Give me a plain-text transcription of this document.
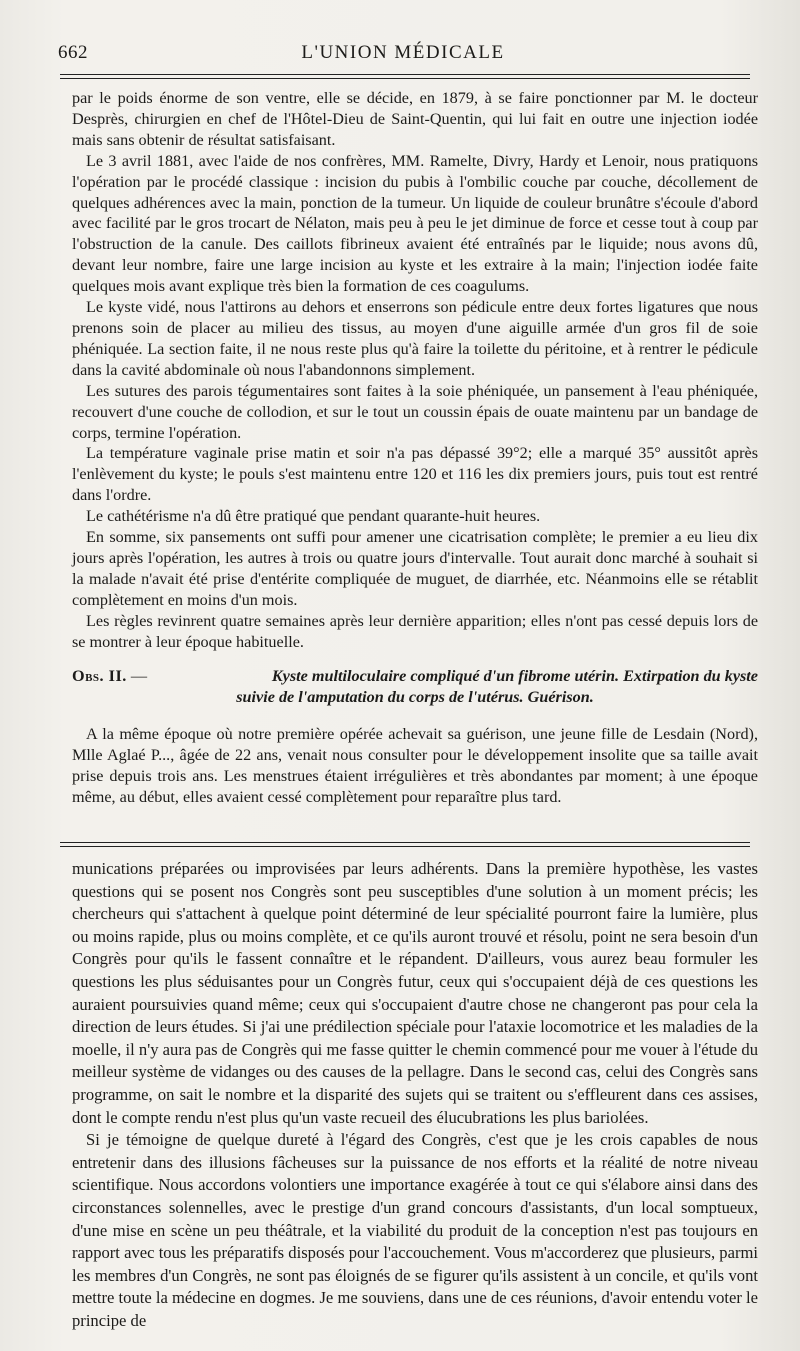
662	L'UNION MÉDICALE

par le poids énorme de son ventre, elle se décide, en 1879, à se faire ponctionner par M. le docteur Desprès, chirurgien en chef de l'Hôtel-Dieu de Saint-Quentin, qui lui fait en outre une injection iodée mais sans obtenir de résultat satisfaisant.

Le 3 avril 1881, avec l'aide de nos confrères, MM. Ramelte, Divry, Hardy et Lenoir, nous pratiquons l'opération par le procédé classique : incision du pubis à l'ombilic couche par couche, décollement de quelques adhérences avec la main, ponction de la tumeur. Un liquide de couleur brunâtre s'écoule d'abord avec facilité par le gros trocart de Nélaton, mais peu à peu le jet diminue de force et cesse tout à coup par l'obstruction de la canule. Des caillots fibrineux avaient été entraînés par le liquide; nous avons dû, devant leur nombre, faire une large incision au kyste et les extraire à la main; l'injection iodée faite quelques mois avant explique très bien la formation de ces coagulums.

Le kyste vidé, nous l'attirons au dehors et enserrons son pédicule entre deux fortes ligatures que nous prenons soin de placer au milieu des tissus, au moyen d'une aiguille armée d'un gros fil de soie phéniquée. La section faite, il ne nous reste plus qu'à faire la toilette du péritoine, et à rentrer le pédicule dans la cavité abdominale où nous l'abandonnons simplement.

Les sutures des parois tégumentaires sont faites à la soie phéniquée, un pansement à l'eau phéniquée, recouvert d'une couche de collodion, et sur le tout un coussin épais de ouate maintenu par un bandage de corps, termine l'opération.

La température vaginale prise matin et soir n'a pas dépassé 39°2; elle a marqué 35° aussitôt après l'enlèvement du kyste; le pouls s'est maintenu entre 120 et 116 les dix premiers jours, puis tout est rentré dans l'ordre.

Le cathétérisme n'a dû être pratiqué que pendant quarante-huit heures.

En somme, six pansements ont suffi pour amener une cicatrisation complète; le premier a eu lieu dix jours après l'opération, les autres à trois ou quatre jours d'intervalle. Tout aurait donc marché à souhait si la malade n'avait été prise d'entérite compliquée de muguet, de diarrhée, etc. Néanmoins elle se rétablit complètement en moins d'un mois.

Les règles revinrent quatre semaines après leur dernière apparition; elles n'ont pas cessé depuis lors de se montrer à leur époque habituelle.

Obs. II. —	Kyste multiloculaire compliqué d'un fibrome utérin. Extirpation du kyste
suivie de l'amputation du corps de l'utérus. Guérison.

A la même époque où notre première opérée achevait sa guérison, une jeune fille de Lesdain (Nord), Mlle Aglaé P..., âgée de 22 ans, venait nous consulter pour le développement insolite que sa taille avait prise depuis trois ans. Les menstrues étaient irrégulières et très abondantes par moment; à une époque même, au début, elles avaient cessé complètement pour reparaître plus tard.

munications préparées ou improvisées par leurs adhérents. Dans la première hypothèse, les vastes questions qui se posent nos Congrès sont peu susceptibles d'une solution à un moment précis; les chercheurs qui s'attachent à quelque point déterminé de leur spécialité pourront faire la lumière, plus ou moins rapide, plus ou moins complète, et ce qu'ils auront trouvé et résolu, point ne sera besoin d'un Congrès pour qu'ils le fassent connaître et le répandent. D'ailleurs, vous aurez beau formuler les questions les plus séduisantes pour un Congrès futur, ceux qui s'occupaient déjà de ces questions les auraient poursuivies quand même; ceux qui s'occupaient d'autre chose ne changeront pas pour cela la direction de leurs études. Si j'ai une prédilection spéciale pour l'ataxie locomotrice et les maladies de la moelle, il n'y aura pas de Congrès qui me fasse quitter le chemin commencé pour me vouer à l'étude du meilleur système de vidanges ou des causes de la pellagre. Dans le second cas, celui des Congrès sans programme, on sait le nombre et la disparité des sujets qui se traitent ou s'effleurent dans ces assises, dont le compte rendu n'est plus qu'un vaste recueil des élucubrations les plus bariolées.

Si je témoigne de quelque dureté à l'égard des Congrès, c'est que je les crois capables de nous entretenir dans des illusions fâcheuses sur la puissance de nos efforts et la réalité de notre niveau scientifique. Nous accordons volontiers une importance exagérée à tout ce qui s'élabore ainsi dans des circonstances solennelles, avec le prestige d'un grand concours d'assistants, d'un local somptueux, d'une mise en scène un peu théâtrale, et la viabilité du produit de la conception n'est pas toujours en rapport avec tous les préparatifs disposés pour l'accouchement. Vous m'accorderez que plusieurs, parmi les membres d'un Congrès, ne sont pas éloignés de se figurer qu'ils assistent à un concile, et qu'ils vont mettre toute la médecine en dogmes. Je me souviens, dans une de ces réunions, d'avoir entendu voter le principe de
